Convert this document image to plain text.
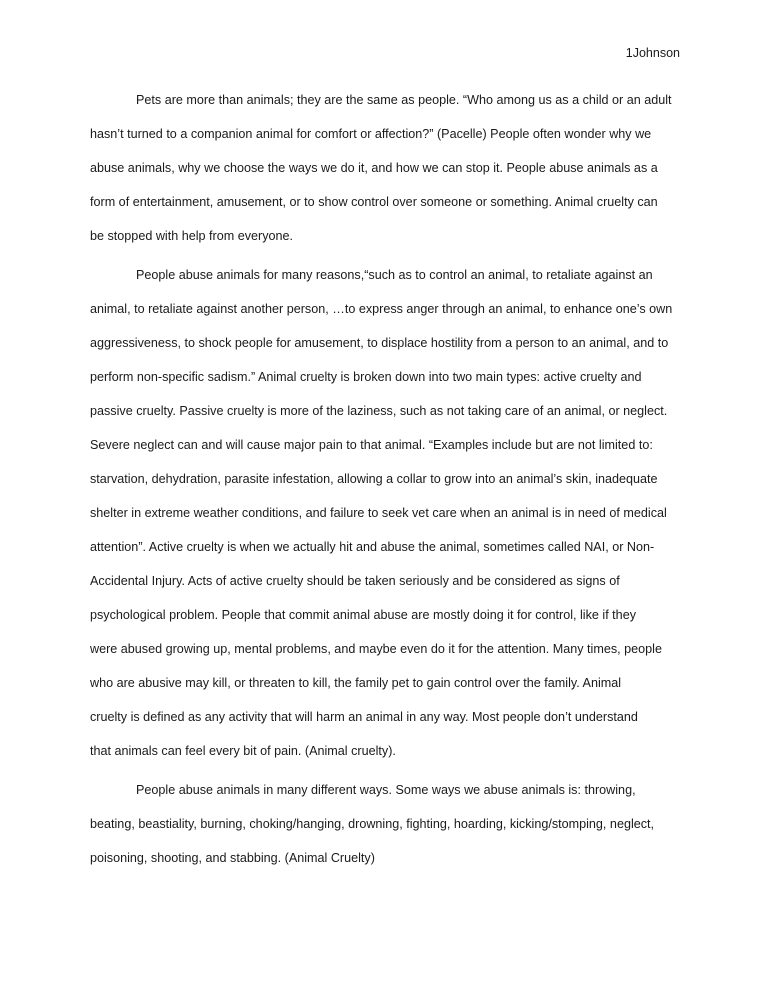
1Johnson
Pets are more than animals; they are the same as people. “Who among us as a child or an adult
hasn’t turned to a companion animal for comfort or affection?” (Pacelle) People often wonder why we
abuse animals, why we choose the ways we do it, and how we can stop it. People abuse animals as a
form of entertainment, amusement, or to show control over someone or something. Animal cruelty can
be stopped with help from everyone.
People abuse animals for many reasons,“such as to control an animal, to retaliate against an
animal, to retaliate against another person, …to express anger through an animal, to enhance one’s own
aggressiveness, to shock people for amusement, to displace hostility from a person to an animal, and to
perform non-specific sadism.” Animal cruelty is broken down into two main types: active cruelty and
passive cruelty. Passive cruelty is more of the laziness, such as not taking care of an animal, or neglect.
Severe neglect can and will cause major pain to that animal. “Examples include but are not limited to:
starvation, dehydration, parasite infestation, allowing a collar to grow into an animal’s skin, inadequate
shelter in extreme weather conditions, and failure to seek vet care when an animal is in need of medical
attention”. Active cruelty is when we actually hit and abuse the animal, sometimes called NAI, or Non-
Accidental Injury. Acts of active cruelty should be taken seriously and be considered as signs of
psychological problem. People that commit animal abuse are mostly doing it for control, like if they
were abused growing up, mental problems, and maybe even do it for the attention. Many times, people
who are abusive may kill, or threaten to kill, the family pet to gain control over the family. Animal
cruelty is defined as any activity that will harm an animal in any way. Most people don’t understand
that animals can feel every bit of pain. (Animal cruelty).
People abuse animals in many different ways. Some ways we abuse animals is: throwing,
beating, beastiality, burning, choking/hanging, drowning, fighting, hoarding, kicking/stomping, neglect,
poisoning, shooting, and stabbing. (Animal Cruelty)
